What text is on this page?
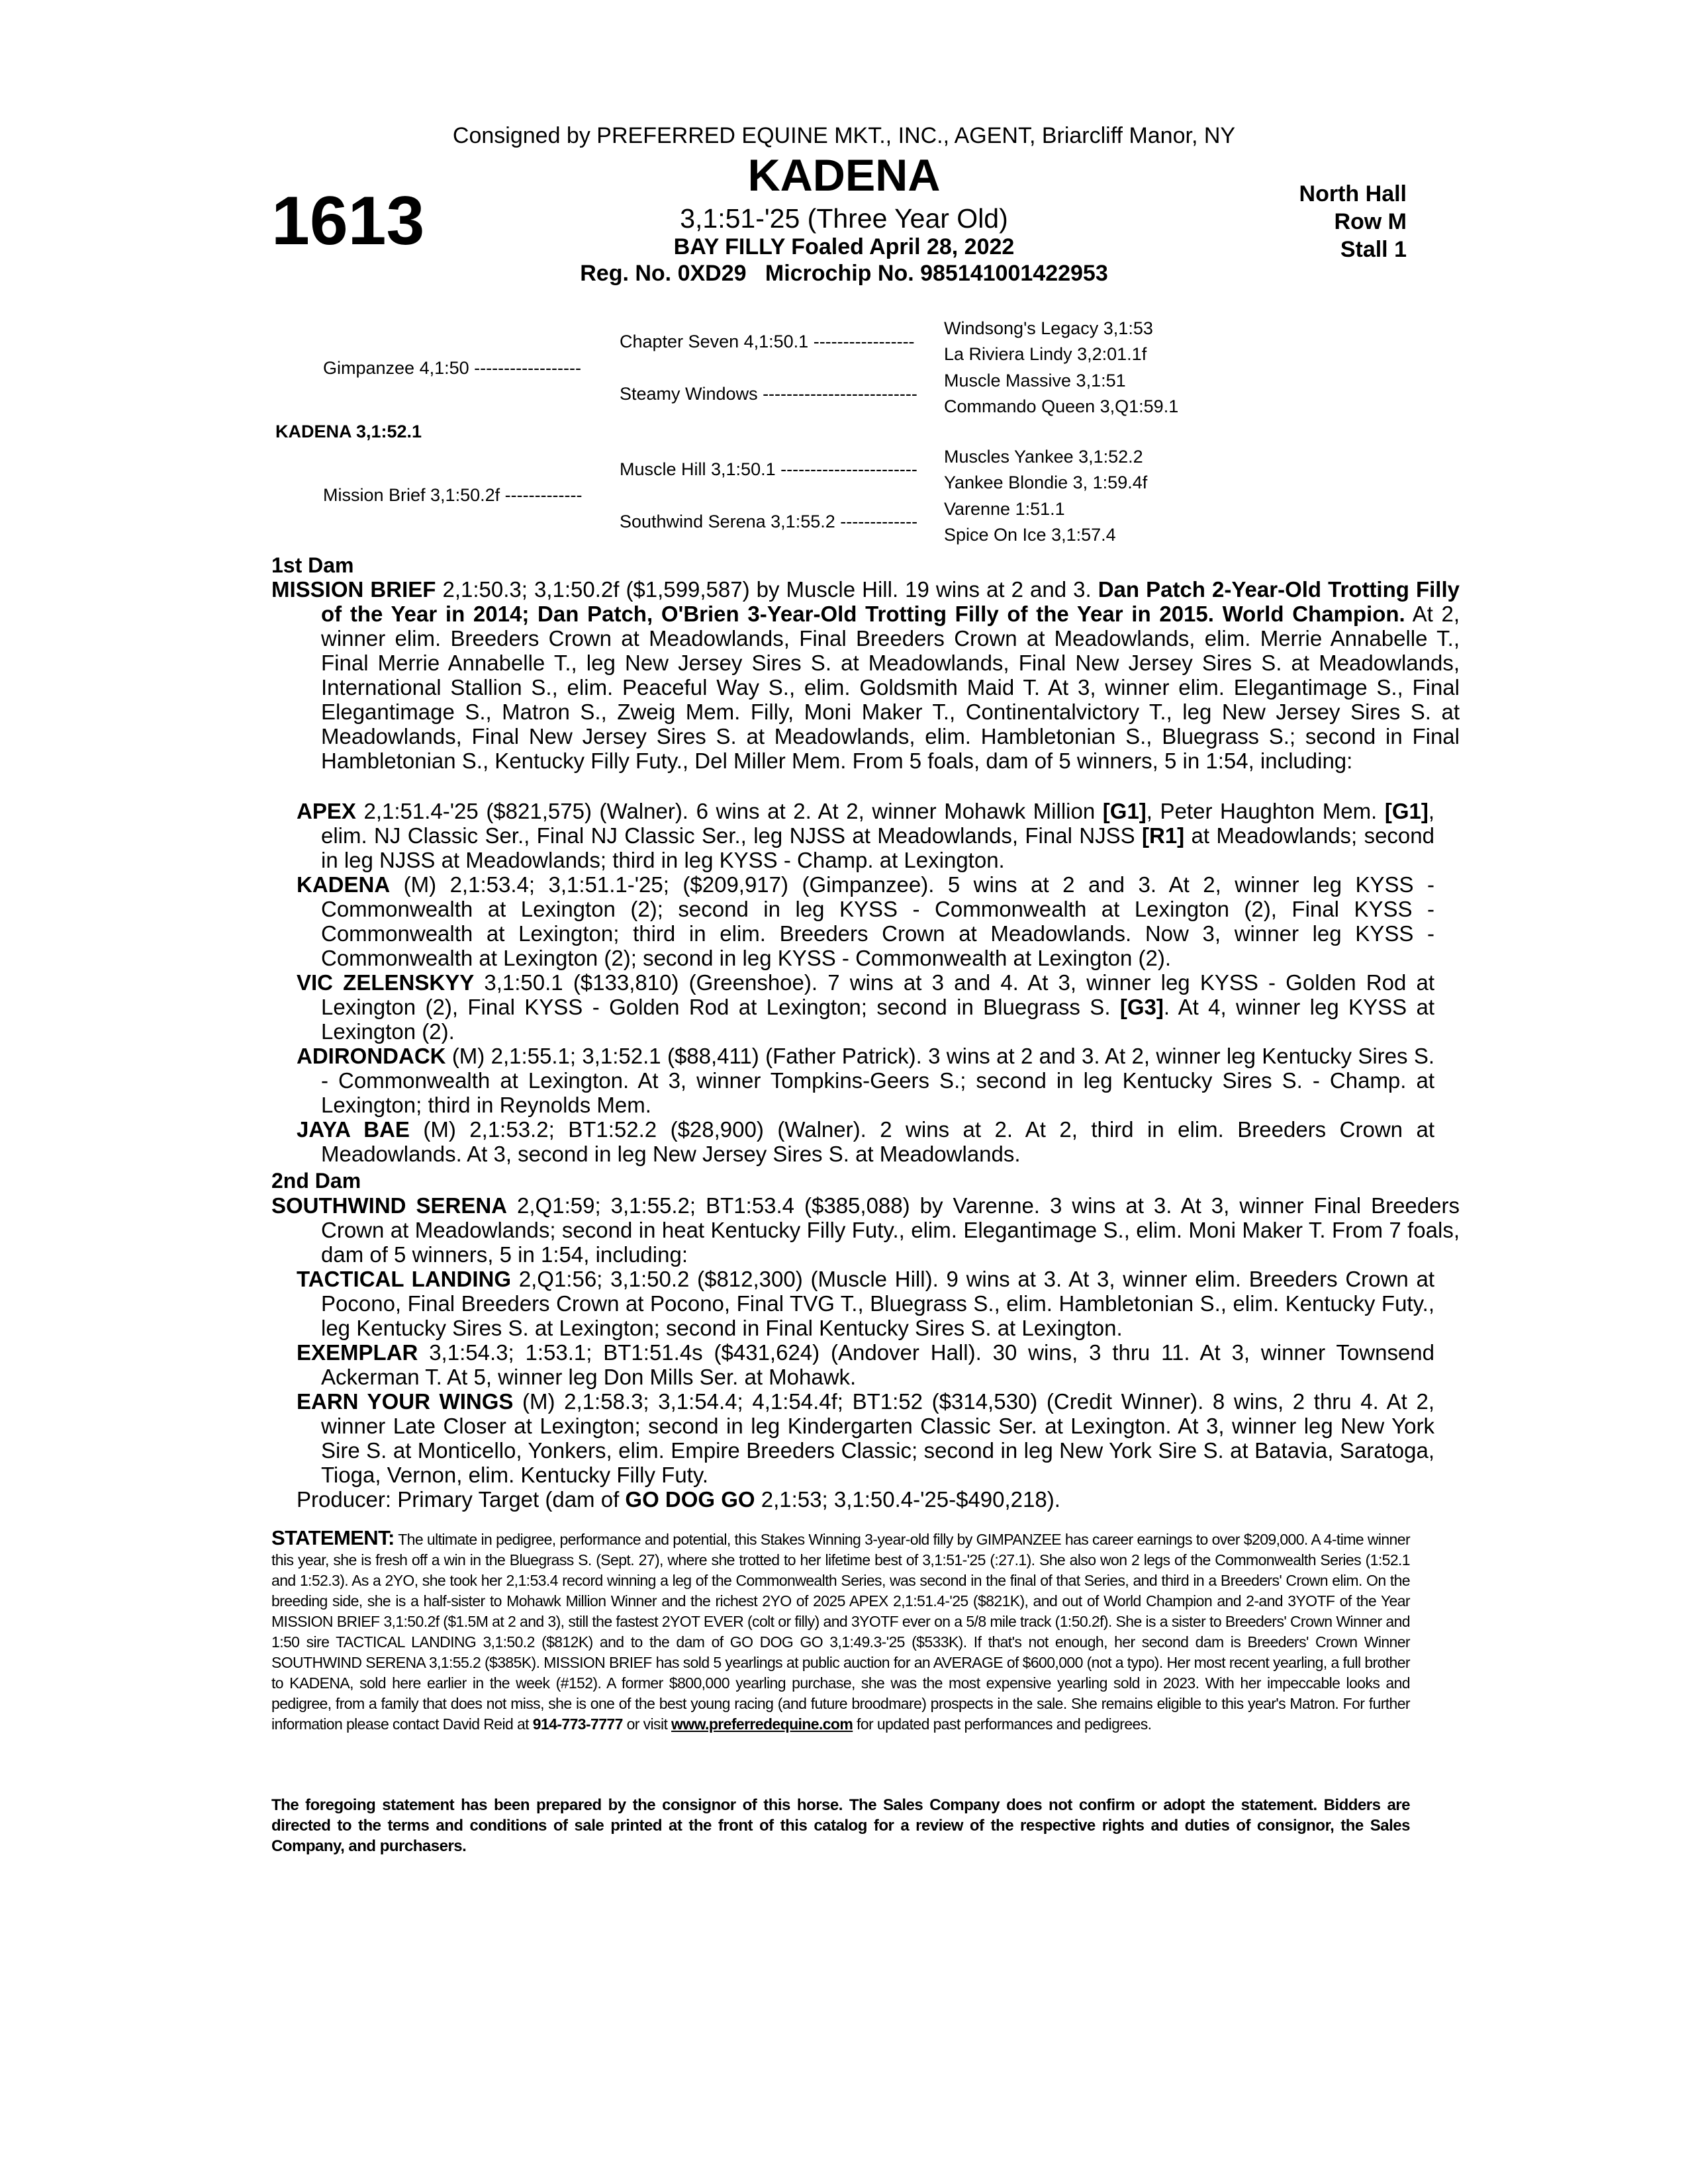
Consigned by PREFERRED EQUINE MKT., INC., AGENT, Briarcliff Manor, NY
1613
KADENA
3,1:51-'25 (Three Year Old)
BAY FILLY Foaled April 28, 2022
Reg. No. 0XD29   Microchip No. 985141001422953
North Hall
Row M
Stall 1
Gimpanzee 4,1:50 ------------------
Mission Brief 3,1:50.2f -------------
KADENA 3,1:52.1
Chapter Seven 4,1:50.1 -----------------
Steamy Windows --------------------------
Muscle Hill 3,1:50.1 -----------------------
Southwind Serena 3,1:55.2 -------------
Windsong's Legacy 3,1:53
La Riviera Lindy 3,2:01.1f
Muscle Massive 3,1:51
Commando Queen 3,Q1:59.1
Muscles Yankee 3,1:52.2
Yankee Blondie 3, 1:59.4f
Varenne 1:51.1
Spice On Ice 3,1:57.4
1st Dam
MISSION BRIEF 2,1:50.3; 3,1:50.2f ($1,599,587) by Muscle Hill. 19 wins at 2 and 3. Dan Patch 2-Year-Old Trotting Filly of the Year in 2014; Dan Patch, O'Brien 3-Year-Old Trotting Filly of the Year in 2015. World Champion. At 2, winner elim. Breeders Crown at Meadowlands, Final Breeders Crown at Meadowlands, elim. Merrie Annabelle T., Final Merrie Annabelle T., leg New Jersey Sires S. at Meadowlands, Final New Jersey Sires S. at Meadowlands, International Stallion S., elim. Peaceful Way S., elim. Goldsmith Maid T. At 3, winner elim. Elegantimage S., Final Elegantimage S., Matron S., Zweig Mem. Filly, Moni Maker T., Continentalvictory T., leg New Jersey Sires S. at Meadowlands, Final New Jersey Sires S. at Meadowlands, elim. Hambletonian S., Bluegrass S.; second in Final Hambletonian S., Kentucky Filly Futy., Del Miller Mem. From 5 foals, dam of 5 winners, 5 in 1:54, including:
APEX 2,1:51.4-'25 ($821,575) (Walner). 6 wins at 2. At 2, winner Mohawk Million [G1], Peter Haughton Mem. [G1], elim. NJ Classic Ser., Final NJ Classic Ser., leg NJSS at Meadowlands, Final NJSS [R1] at Meadowlands; second in leg NJSS at Meadowlands; third in leg KYSS - Champ. at Lexington.
KADENA (M) 2,1:53.4; 3,1:51.1-'25; ($209,917) (Gimpanzee). 5 wins at 2 and 3. At 2, winner leg KYSS - Commonwealth at Lexington (2); second in leg KYSS - Commonwealth at Lexington (2), Final KYSS - Commonwealth at Lexington; third in elim. Breeders Crown at Meadowlands. Now 3, winner leg KYSS - Commonwealth at Lexington (2); second in leg KYSS - Commonwealth at Lexington (2).
VIC ZELENSKYY 3,1:50.1 ($133,810) (Greenshoe). 7 wins at 3 and 4. At 3, winner leg KYSS - Golden Rod at Lexington (2), Final KYSS - Golden Rod at Lexington; second in Bluegrass S. [G3]. At 4, winner leg KYSS at Lexington (2).
ADIRONDACK (M) 2,1:55.1; 3,1:52.1 ($88,411) (Father Patrick). 3 wins at 2 and 3. At 2, winner leg Kentucky Sires S. - Commonwealth at Lexington. At 3, winner Tompkins-Geers S.; second in leg Kentucky Sires S. - Champ. at Lexington; third in Reynolds Mem.
JAYA BAE (M) 2,1:53.2; BT1:52.2 ($28,900) (Walner). 2 wins at 2. At 2, third in elim. Breeders Crown at Meadowlands. At 3, second in leg New Jersey Sires S. at Meadowlands.
2nd Dam
SOUTHWIND SERENA 2,Q1:59; 3,1:55.2; BT1:53.4 ($385,088) by Varenne. 3 wins at 3. At 3, winner Final Breeders Crown at Meadowlands; second in heat Kentucky Filly Futy., elim. Elegantimage S., elim. Moni Maker T. From 7 foals, dam of 5 winners, 5 in 1:54, including:
TACTICAL LANDING 2,Q1:56; 3,1:50.2 ($812,300) (Muscle Hill). 9 wins at 3. At 3, winner elim. Breeders Crown at Pocono, Final Breeders Crown at Pocono, Final TVG T., Bluegrass S., elim. Hambletonian S., elim. Kentucky Futy., leg Kentucky Sires S. at Lexington; second in Final Kentucky Sires S. at Lexington.
EXEMPLAR 3,1:54.3; 1:53.1; BT1:51.4s ($431,624) (Andover Hall). 30 wins, 3 thru 11. At 3, winner Townsend Ackerman T. At 5, winner leg Don Mills Ser. at Mohawk.
EARN YOUR WINGS (M) 2,1:58.3; 3,1:54.4; 4,1:54.4f; BT1:52 ($314,530) (Credit Winner). 8 wins, 2 thru 4. At 2, winner Late Closer at Lexington; second in leg Kindergarten Classic Ser. at Lexington. At 3, winner leg New York Sire S. at Monticello, Yonkers, elim. Empire Breeders Classic; second in leg New York Sire S. at Batavia, Saratoga, Tioga, Vernon, elim. Kentucky Filly Futy.
Producer: Primary Target (dam of GO DOG GO 2,1:53; 3,1:50.4-'25-$490,218).
STATEMENT: The ultimate in pedigree, performance and potential, this Stakes Winning 3-year-old filly by GIMPANZEE has career earnings to over $209,000. A 4-time winner this year, she is fresh off a win in the Bluegrass S. (Sept. 27), where she trotted to her lifetime best of 3,1:51-'25 (:27.1). She also won 2 legs of the Commonwealth Series (1:52.1 and 1:52.3). As a 2YO, she took her 2,1:53.4 record winning a leg of the Commonwealth Series, was second in the final of that Series, and third in a Breeders' Crown elim. On the breeding side, she is a half-sister to Mohawk Million Winner and the richest 2YO of 2025 APEX 2,1:51.4-'25 ($821K), and out of World Champion and 2-and 3YOTF of the Year MISSION BRIEF 3,1:50.2f ($1.5M at 2 and 3), still the fastest 2YOT EVER (colt or filly) and 3YOTF ever on a 5/8 mile track (1:50.2f). She is a sister to Breeders' Crown Winner and 1:50 sire TACTICAL LANDING 3,1:50.2 ($812K) and to the dam of GO DOG GO 3,1:49.3-'25 ($533K). If that's not enough, her second dam is Breeders' Crown Winner SOUTHWIND SERENA 3,1:55.2 ($385K). MISSION BRIEF has sold 5 yearlings at public auction for an AVERAGE of $600,000 (not a typo). Her most recent yearling, a full brother to KADENA, sold here earlier in the week (#152). A former $800,000 yearling purchase, she was the most expensive yearling sold in 2023. With her impeccable looks and pedigree, from a family that does not miss, she is one of the best young racing (and future broodmare) prospects in the sale. She remains eligible to this year's Matron. For further information please contact David Reid at 914-773-7777 or visit www.preferredequine.com for updated past performances and pedigrees.
The foregoing statement has been prepared by the consignor of this horse. The Sales Company does not confirm or adopt the statement. Bidders are directed to the terms and conditions of sale printed at the front of this catalog for a review of the respective rights and duties of consignor, the Sales Company, and purchasers.
